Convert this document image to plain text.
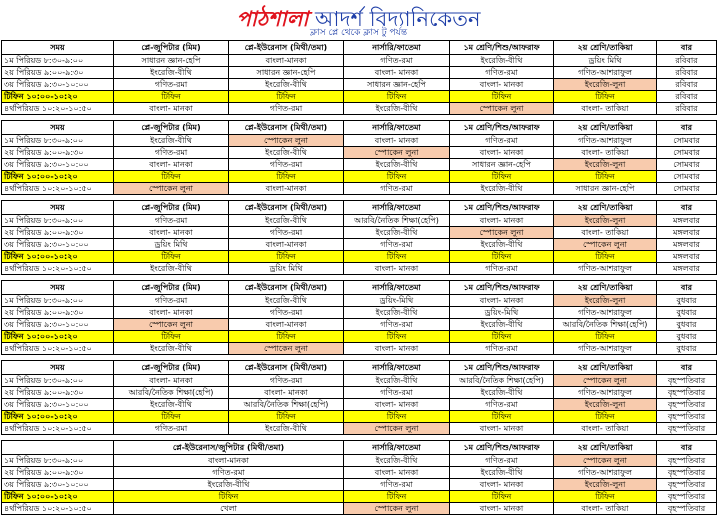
পাঠশালা আদর্শ বিদ্যানিকেতন
ক্লাস প্লে থেকে ক্লাস টু পর্যন্ত
সময়	প্লে-জুপিটার (মিম)	প্লে-ইউরেনাস (মিথী/তমা)	নার্সারি/ফাতেমা	১ম শ্রেণি/শিশু/আফরাফ	২য় শ্রেণি/তাকিয়া	বার
১ম পিরিয়ড ৮:৩০-৯:০০	সাধারন জ্ঞান-হেপি	বাংলা-মানকা	গণিত-রমা	ইংরেজি-বীথি	ড্রয়িং মিথি	রবিবার
২য় পিরিয়ড ৯:০০-৯:৩০	ইংরেজি-বীথি	সাধারন জ্ঞান-হেপি	বাংলা- মানকা	গণিত-রমা	গণিত-আশরাফুল	রবিবার
৩য় পিরিয়ড ৯:৩০-১০:০০	গণিত-রমা	ইংরেজি-বীথি	সাধারন জ্ঞান-হেপি	বাংলা- মানকা	ইংরেজি-লুনা	রবিবার
টিফিন ১০:০০-১০:২০	টিফিন	টিফিন	টিফিন	টিফিন	টিফিন	রবিবার
৪র্থপিরিয়ড ১০:২০-১০:৫০	বাংলা- মানকা	গণিত-রমা	ইংরেজি-বীথি	স্পোকেন লুনা	বাংলা- তাকিয়া	রবিবার

সময়	প্লে-জুপিটার (মিম)	প্লে-ইউরেনাস (মিথী/তমা)	নার্সারি/ফাতেমা	১ম শ্রেণি/শিশু/আফরাফ	২য় শ্রেণি/তাকিয়া	বার
১ম পিরিয়ড ৮:৩০-৯:০০	ইংরেজি-বীথি	স্পোকেন লুনা	বাংলা- মানকা	গণিত-রমা	গণিত-আশরাফুল	সোমবার
২য় পিরিয়ড ৯:০০-৯:৩০	গণিত-রমা	ইংরেজি-বীথি	স্পোকেন লুনা	বাংলা- মানকা	বাংলা- তাকিয়া	সোমবার
৩য় পিরিয়ড ৯:৩০-১০:০০	বাংলা- মানকা	গণিত-রমা	ইংরেজি-বীথি	সাধারন জ্ঞান-হেপি	ইংরেজি-লুনা	সোমবার
টিফিন ১০:০০-১০:২০	টিফিন	টিফিন	টিফিন	টিফিন	টিফিন	সোমবার
৪র্থপিরিয়ড ১০:২০-১০:৫০	স্পোকেন লুনা	বাংলা-মানকা	গণিত-রমা	ইংরেজি-বীথি	সাধারন জ্ঞান-হেপি	সোমবার

সময়	প্লে-জুপিটার (মিম)	প্লে-ইউরেনাস (মিথী/তমা)	নার্সারি/ফাতেমা	১ম শ্রেণি/শিশু/আফরাফ	২য় শ্রেণি/তাকিয়া	বার
১ম পিরিয়ড ৮:৩০-৯:০০	গণিত-রমা	ইংরেজি-বীথি	আরবি/নৈতিক শিক্ষা(হেপি)	বাংলা- মানকা	ইংরেজি-লুনা	মঙ্গলবার
২য় পিরিয়ড ৯:০০-৯:৩০	বাংলা- মানকা	গণিত-রমা	ইংরেজি-বীথি	স্পোকেন লুনা	বাংলা- তাকিয়া	মঙ্গলবার
৩য় পিরিয়ড ৯:৩০-১০:০০	ড্রয়িং মিথি	বাংলা-মানকা	গণিত-রমা	ইংরেজি-বীথি	স্পোকেন লুনা	মঙ্গলবার
টিফিন ১০:০০-১০:২০	টিফিন	টিফিন	টিফিন	টিফিন	টিফিন	মঙ্গলবার
৪র্থপিরিয়ড ১০:২০-১০:৫০	ইংরেজি-বীথি	ড্রয়িং মিথি	বাংলা- মানকা	গণিত-রমা	গণিত-আশরাফুল	মঙ্গলবার

সময়	প্লে-জুপিটার (মিম)	প্লে-ইউরেনাস (মিথী/তমা)	নার্সারি/ফাতেমা	১ম শ্রেণি/শিশু/আফরাফ	২য় শ্রেণি/তাকিয়া	বার
১ম পিরিয়ড ৮:৩০-৯:০০	গণিত-রমা	ইংরেজি-বীথি	ড্রয়িং-মিথি	বাংলা- মানকা	ইংরেজি-লুনা	বুধবার
২য় পিরিয়ড ৯:০০-৯:৩০	বাংলা- মানকা	গণিত-রমা	ইংরেজি-বীথি	ড্রয়িং-মিথি	গণিত-আশরাফুল	বুধবার
৩য় পিরিয়ড ৯:৩০-১০:০০	স্পোকেন লুনা	বাংলা-মানকা	গণিত-রমা	ইংরেজি-বীথি	আরবি/নৈতিক শিক্ষা(হেপি)	বুধবার
টিফিন ১০:০০-১০:২০	টিফিন	টিফিন	টিফিন	টিফিন	টিফিন	বুধবার
৪র্থপিরিয়ড ১০:২০-১০:৫০	ইংরেজি-বীথি	স্পোকেন লুনা	বাংলা- মানকা	গণিত-রমা	গণিত-আশরাফুল	বুধবার

সময়	প্লে-জুপিটার (মিম)	প্লে-ইউরেনাস (মিথী/তমা)	নার্সারি/ফাতেমা	১ম শ্রেণি/শিশু/আফরাফ	২য় শ্রেণি/তাকিয়া	বার
১ম পিরিয়ড ৮:৩০-৯:০০	বাংলা- মানকা	গণিত-রমা	ইংরেজি-বীথি	আরবি/নৈতিক শিক্ষা(হেপি)	স্পোকেন লুনা	বৃহস্পতিবার
২য় পিরিয়ড ৯:০০-৯:৩০	আরবি/নৈতিক শিক্ষা(হেপি)	বাংলা- মানকা	গণিত-রমা	ইংরেজি-বীথি	গণিত-আশরাফুল	বৃহস্পতিবার
৩য় পিরিয়ড ৯:৩০-১০:০০	ইংরেজি-বীথি	আরবি/নৈতিক শিক্ষা(হেপি)	বাংলা- মানকা	গণিত-রমা	ইংরেজি-লুনা	বৃহস্পতিবার
টিফিন ১০:০০-১০:২০	টিফিন	টিফিন	টিফিন	টিফিন	টিফিন	বৃহস্পতিবার
৪র্থপিরিয়ড ১০:২০-১০:৫০	গণিত-রমা	ইংরেজি-বীথি	স্পোকেন লুনা	বাংলা- মানকা	বাংলা- তাকিয়া	বৃহস্পতিবার

	প্লে-ইউরেনাস/জুপিটার (মিথী/তমা)		নার্সারি/ফাতেমা	১ম শ্রেণি/শিশু/আফরাফ	২য় শ্রেণি/তাকিয়া	বার
১ম পিরিয়ড ৮:৩০-৯:০০	বাংলা-মানকা		ইংরেজি-বীথি	গণিত-রমা	স্পোকেন লুনা	বৃহস্পতিবার
২য় পিরিয়ড ৯:০০-৯:৩০	গণিত-রমা		বাংলা- মানকা	ইংরেজি-বীথি	গণিত-আশরাফুল	বৃহস্পতিবার
৩য় পিরিয়ড ৯:৩০-১০:০০	ইংরেজি-বীথি		গণিত-রমা	বাংলা- মানকা	ইংরেজি-লুনা	বৃহস্পতিবার
টিফিন ১০:০০-১০:২০	টিফিন		টিফিন	টিফিন	টিফিন	বৃহস্পতিবার
৪র্থপিরিয়ড ১০:২০-১০:৫০	খেলা		স্পোকেন লুনা	বাংলা- মানকা	বাংলা- তাকিয়া	বৃহস্পতিবার
